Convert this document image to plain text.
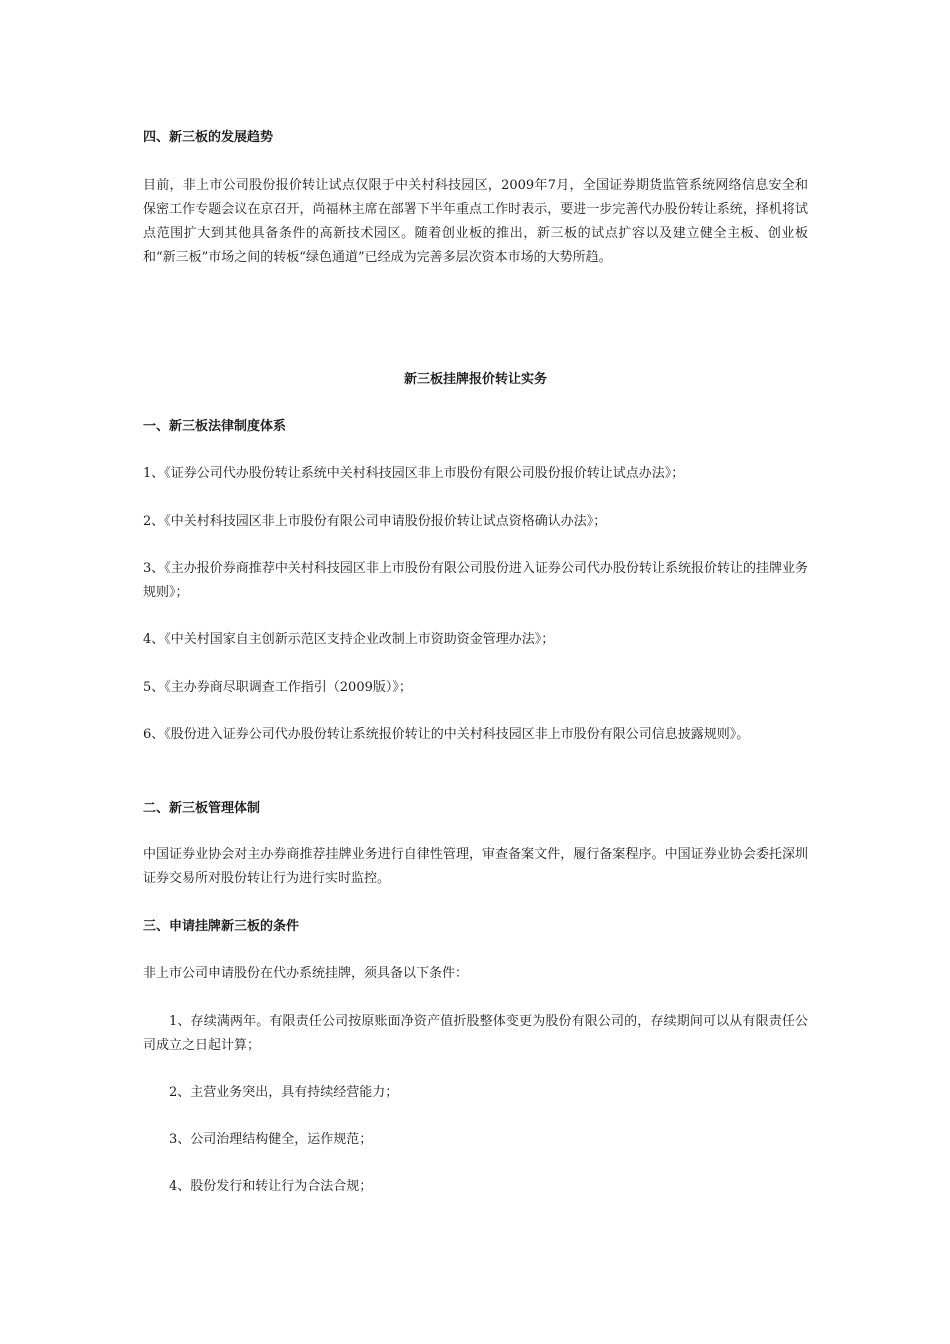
四、新三板的发展趋势

目前，非上市公司股份报价转让试点仅限于中关村科技园区，2009年7月，全国证券期货监管系统网络信息安全和保密工作专题会议在京召开，尚福林主席在部署下半年重点工作时表示，要进一步完善代办股份转让系统，择机将试点范围扩大到其他具备条件的高新技术园区。随着创业板的推出，新三板的试点扩容以及建立健全主板、创业板和“新三板”市场之间的转板“绿色通道”已经成为完善多层次资本市场的大势所趋。

新三板挂牌报价转让实务

一、新三板法律制度体系

1、《证券公司代办股份转让系统中关村科技园区非上市股份有限公司股份报价转让试点办法》；

2、《中关村科技园区非上市股份有限公司申请股份报价转让试点资格确认办法》；

3、《主办报价券商推荐中关村科技园区非上市股份有限公司股份进入证券公司代办股份转让系统报价转让的挂牌业务规则》；

4、《中关村国家自主创新示范区支持企业改制上市资助资金管理办法》；

5、《主办券商尽职调查工作指引（2009版）》；

6、《股份进入证券公司代办股份转让系统报价转让的中关村科技园区非上市股份有限公司信息披露规则》。

二、新三板管理体制

中国证券业协会对主办券商推荐挂牌业务进行自律性管理，审查备案文件，履行备案程序。中国证券业协会委托深圳证券交易所对股份转让行为进行实时监控。

三、申请挂牌新三板的条件

非上市公司申请股份在代办系统挂牌，须具备以下条件：

1、存续满两年。有限责任公司按原账面净资产值折股整体变更为股份有限公司的，存续期间可以从有限责任公司成立之日起计算；

2、主营业务突出，具有持续经营能力；

3、公司治理结构健全，运作规范；

4、股份发行和转让行为合法合规；
